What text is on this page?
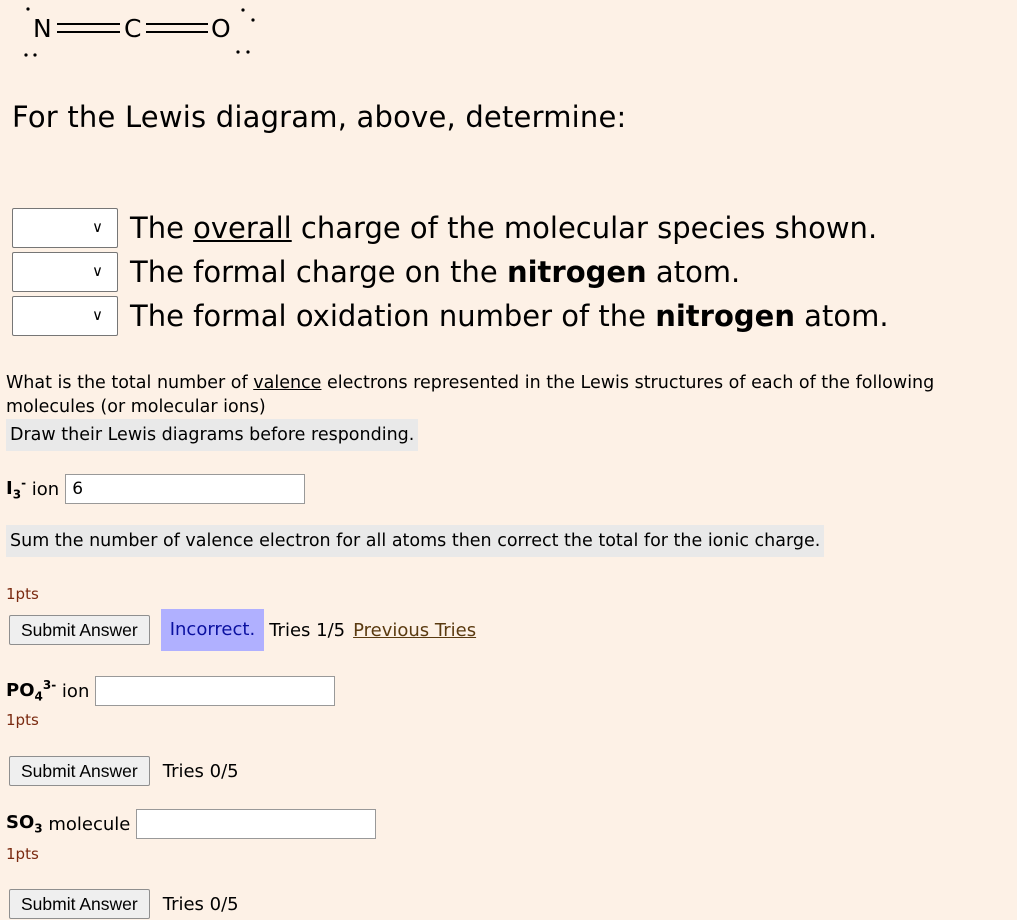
N	C	O
For the Lewis diagram, above, determine:
∨ The overall charge of the molecular species shown.
∨ The formal charge on the nitrogen atom.
∨ The formal oxidation number of the nitrogen atom.
What is the total number of valence electrons represented in the Lewis structures of each of the following molecules (or molecular ions)
Draw their Lewis diagrams before responding.
$I_3^-$ ion
6
Sum the number of valence electron for all atoms then correct the total for the ionic charge.
1pts
Submit Answer	Incorrect. Tries 1/5 Previous Tries
$PO_4^{3-}$ ion
1pts
Submit Answer	Tries 0/5
$SO_3$ molecule
1pts
Submit Answer	Tries 0/5
